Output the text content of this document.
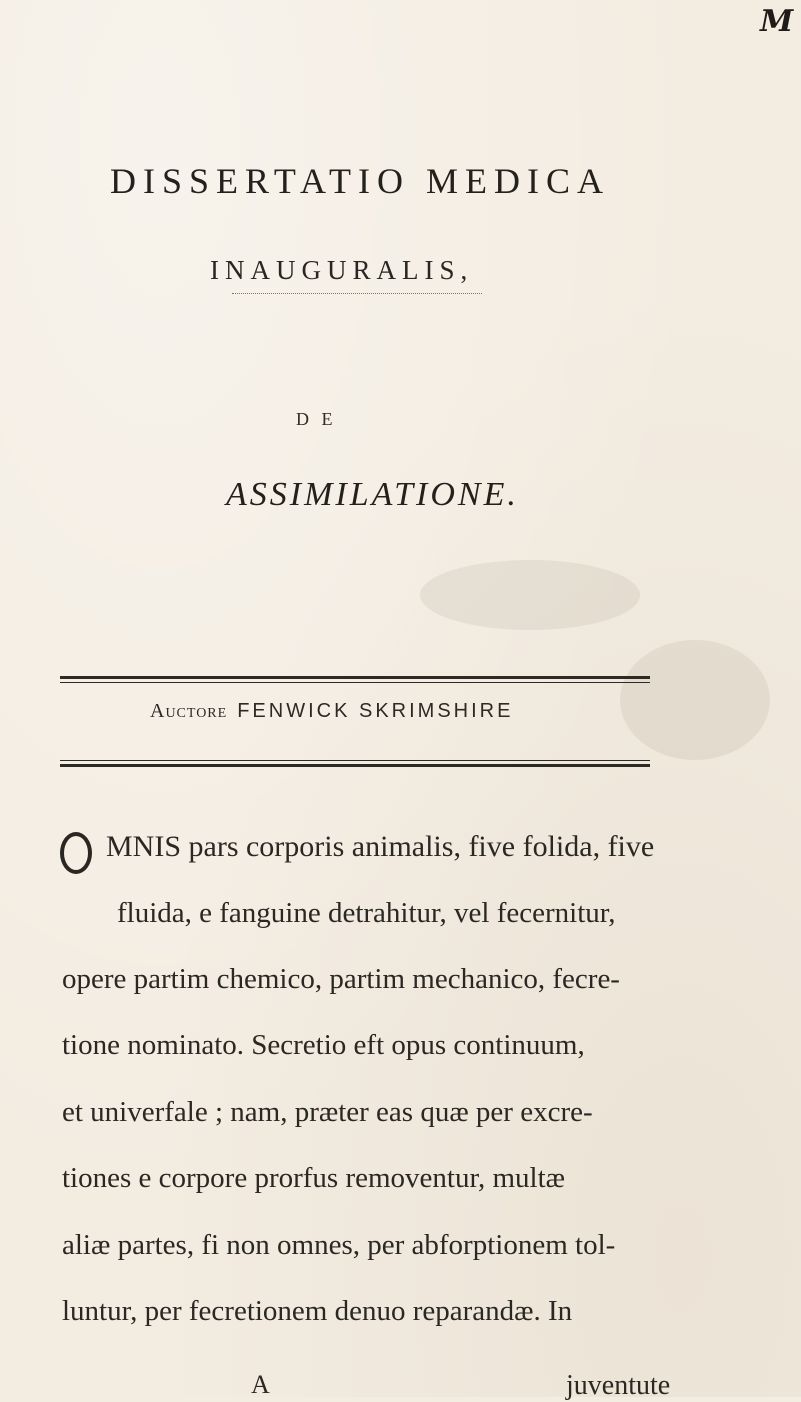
M
DISSERTATIO MEDICA
INAUGURALIS,
D E
ASSIMILATIONE.
Auctore FENWICK SKRIMSHIRE
MNIS pars corporis animalis, five folida, five
fluida, e fanguine detrahitur, vel fecernitur,
opere partim chemico, partim mechanico, fecre-
tione nominato. Secretio eft opus continuum,
et univerfale ; nam, præter eas quæ per excre-
tiones e corpore prorfus removentur, multæ
aliæ partes, fi non omnes, per abforptionem tol-
luntur, per fecretionem denuo reparandæ. In
A	juventute
